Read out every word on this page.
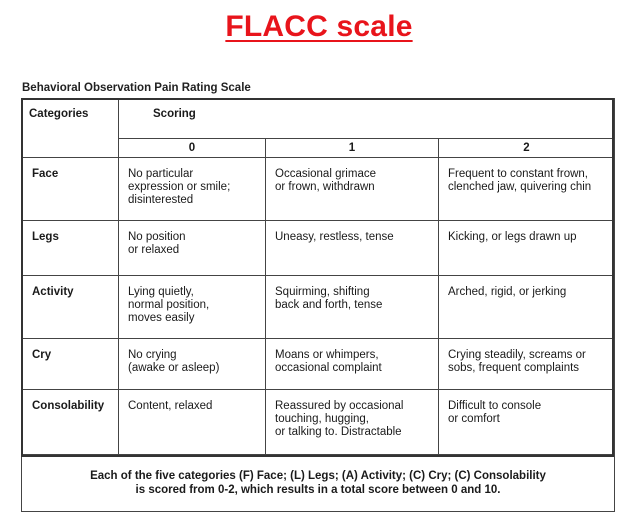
FLACC scale
Behavioral Observation Pain Rating Scale
Categories	Scoring		
	0	1	2
Face	No particular
expression or smile;
disinterested	Occasional grimace
or frown, withdrawn	Frequent to constant frown,
clenched jaw, quivering chin
Legs	No position
or relaxed	Uneasy, restless, tense	Kicking, or legs drawn up
Activity	Lying quietly,
normal position,
moves easily	Squirming, shifting
back and forth, tense	Arched, rigid, or jerking
Cry	No crying
(awake or asleep)	Moans or whimpers,
occasional complaint	Crying steadily, screams or
sobs, frequent complaints
Consolability	Content, relaxed	Reassured by occasional
touching, hugging,
or talking to. Distractable	Difficult to console
or comfort

Each of the five categories (F) Face; (L) Legs; (A) Activity; (C) Cry; (C) Consolability
is scored from 0-2, which results in a total score between 0 and 10.			
